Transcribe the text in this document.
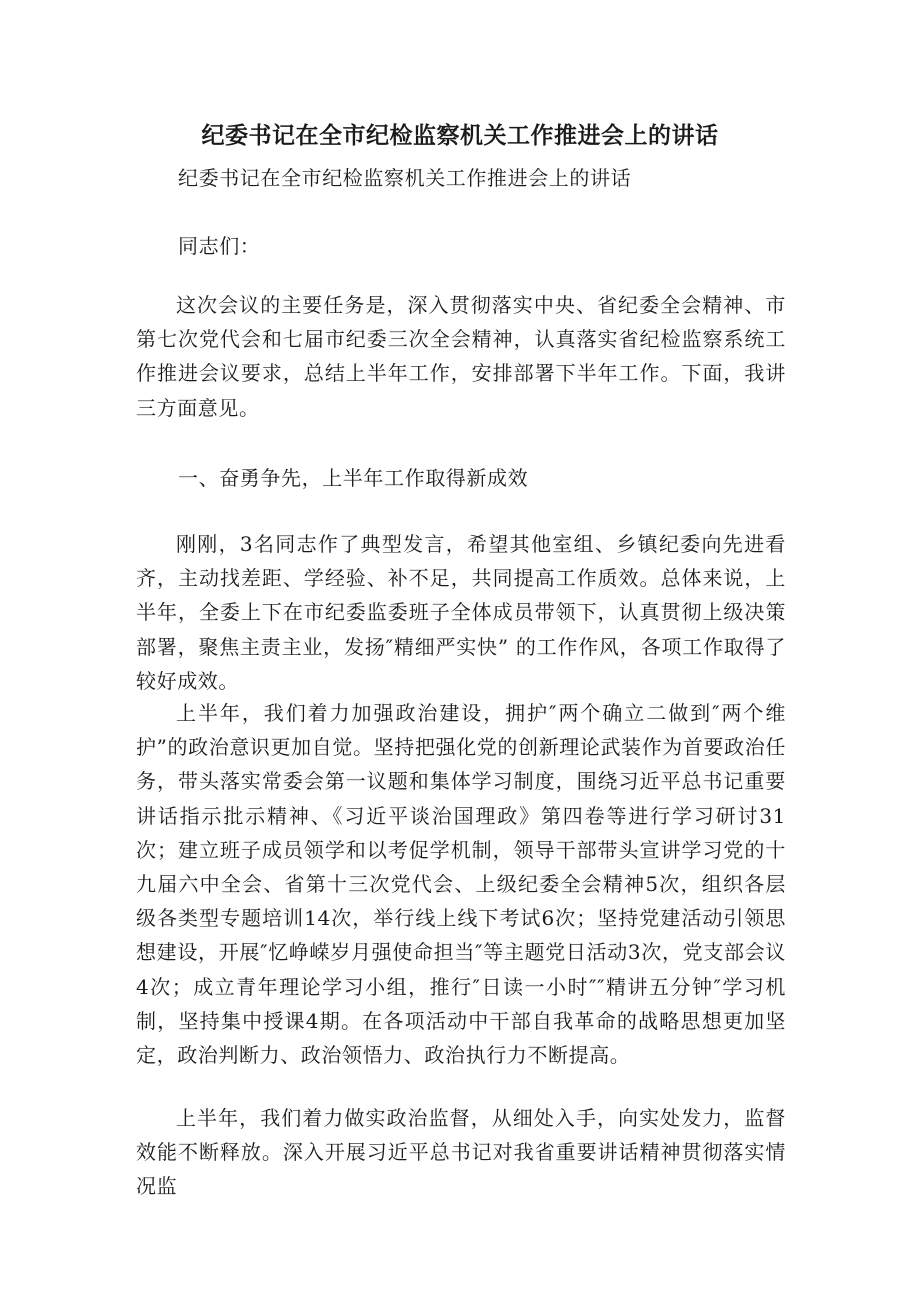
纪委书记在全市纪检监察机关工作推进会上的讲话
纪委书记在全市纪检监察机关工作推进会上的讲话
同志们：
这次会议的主要任务是，深入贯彻落实中央、省纪委全会精神、市第七次党代会和七届市纪委三次全会精神，认真落实省纪检监察系统工作推进会议要求，总结上半年工作，安排部署下半年工作。下面，我讲三方面意见。
一、奋勇争先，上半年工作取得新成效
刚刚，3名同志作了典型发言，希望其他室组、乡镇纪委向先进看齐，主动找差距、学经验、补不足，共同提高工作质效。总体来说，上半年，全委上下在市纪委监委班子全体成员带领下，认真贯彻上级决策部署，聚焦主责主业，发扬″精细严实快” 的工作作风，各项工作取得了较好成效。
上半年，我们着力加强政治建设，拥护″两个确立二做到″两个维护”的政治意识更加自觉。坚持把强化党的创新理论武装作为首要政治任务，带头落实常委会第一议题和集体学习制度，围绕习近平总书记重要讲话指示批示精神、《习近平谈治国理政》第四卷等进行学习研讨31次；建立班子成员领学和以考促学机制，领导干部带头宣讲学习党的十九届六中全会、省第十三次党代会、上级纪委全会精神5次，组织各层级各类型专题培训14次，举行线上线下考试6次；坚持党建活动引领思想建设，开展″忆峥嵘岁月强使命担当″等主题党日活动3次，党支部会议4次；成立青年理论学习小组，推行″日读一小时″″精讲五分钟″学习机制，坚持集中授课4期。在各项活动中干部自我革命的战略思想更加坚定，政治判断力、政治领悟力、政治执行力不断提高。
上半年，我们着力做实政治监督，从细处入手，向实处发力，监督效能不断释放。深入开展习近平总书记对我省重要讲话精神贯彻落实情况监
